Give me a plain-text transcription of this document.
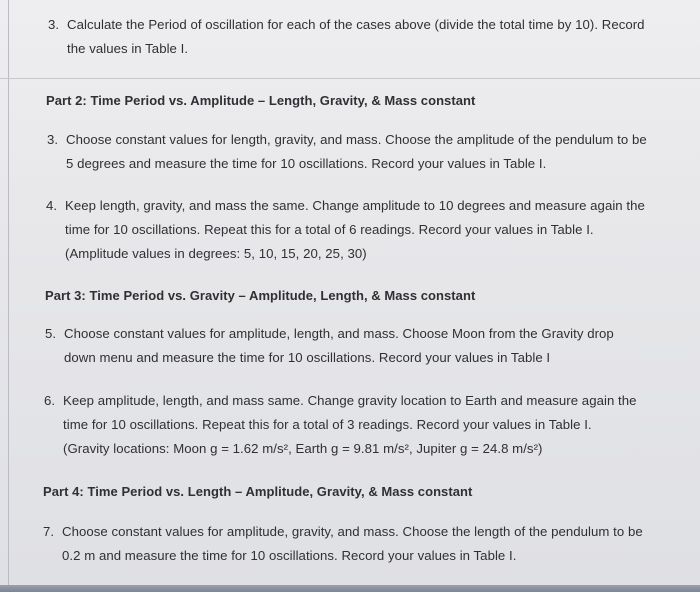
3. Calculate the Period of oscillation for each of the cases above (divide the total time by 10). Record
the values in Table I.
Part 2: Time Period vs. Amplitude – Length, Gravity, & Mass constant
3. Choose constant values for length, gravity, and mass. Choose the amplitude of the pendulum to be
5 degrees and measure the time for 10 oscillations. Record your values in Table I.
4. Keep length, gravity, and mass the same. Change amplitude to 10 degrees and measure again the
time for 10 oscillations. Repeat this for a total of 6 readings. Record your values in Table I.
(Amplitude values in degrees: 5, 10, 15, 20, 25, 30)
Part 3: Time Period vs. Gravity – Amplitude, Length, & Mass constant
5. Choose constant values for amplitude, length, and mass. Choose Moon from the Gravity drop
down menu and measure the time for 10 oscillations. Record your values in Table I
6. Keep amplitude, length, and mass same. Change gravity location to Earth and measure again the
time for 10 oscillations. Repeat this for a total of 3 readings. Record your values in Table I.
(Gravity locations: Moon g = 1.62 m/s², Earth g = 9.81 m/s², Jupiter g = 24.8 m/s²)
Part 4: Time Period vs. Length – Amplitude, Gravity, & Mass constant
7. Choose constant values for amplitude, gravity, and mass. Choose the length of the pendulum to be
0.2 m and measure the time for 10 oscillations. Record your values in Table I.
